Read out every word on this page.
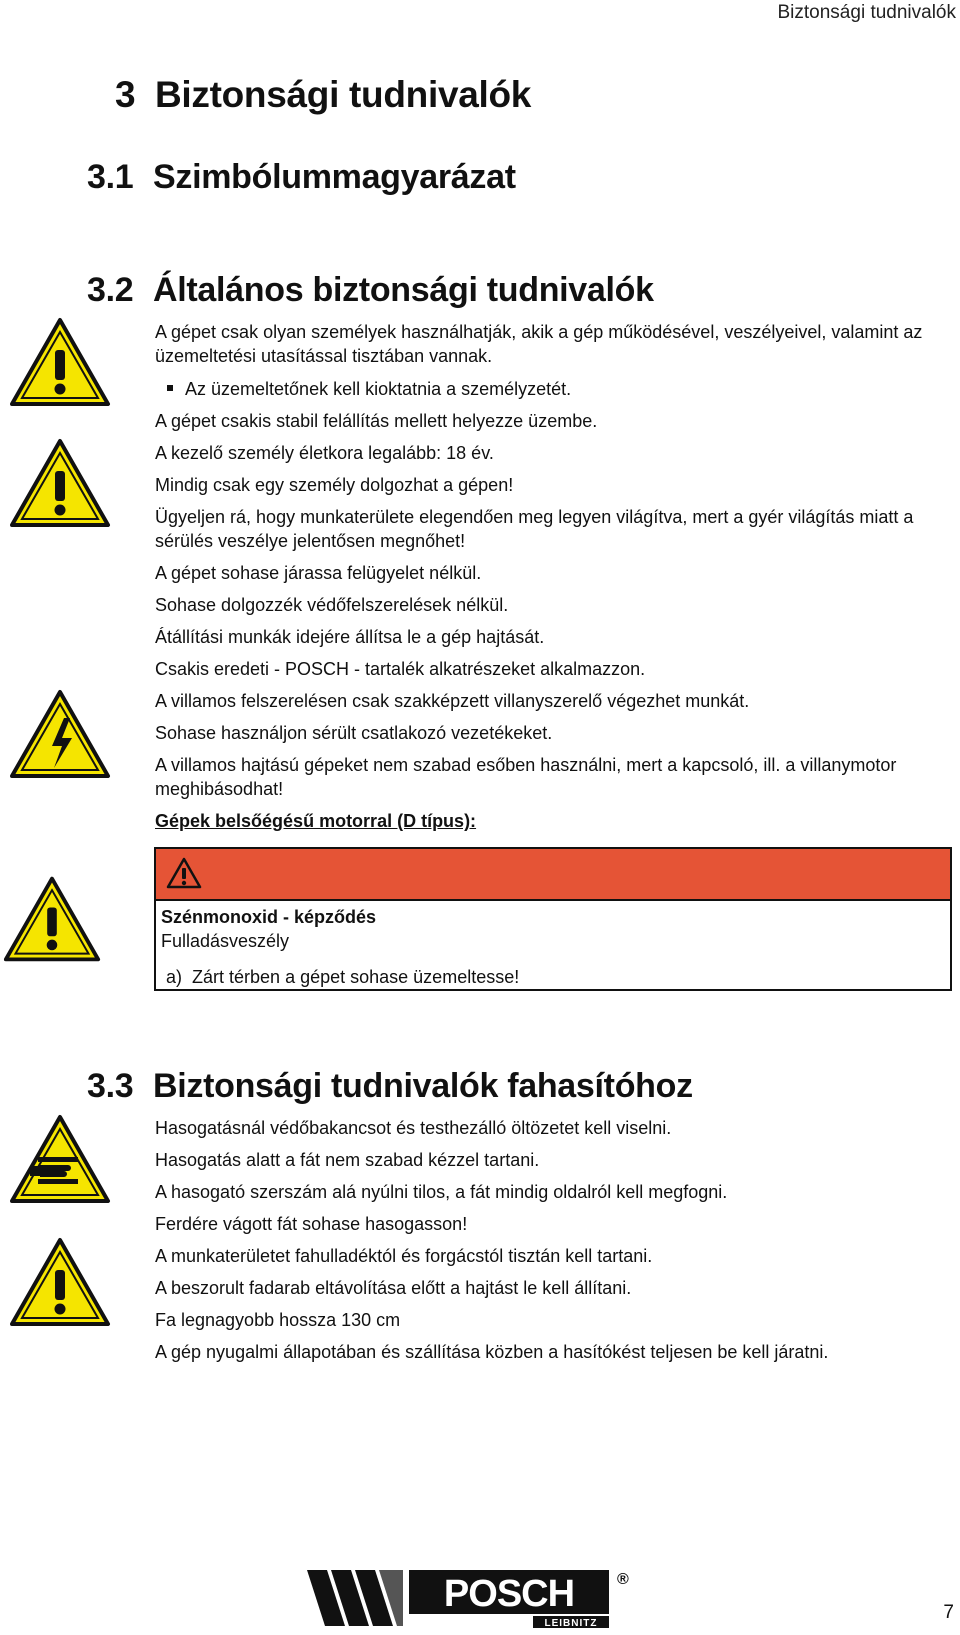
Biztonsági tudnivalók
3 Biztonsági tudnivalók
3.1 Szimbólummagyarázat
3.2 Általános biztonsági tudnivalók
A gépet csak olyan személyek használhatják, akik a gép működésével, veszélyeivel, valamint az üzemeltetési utasítással tisztában vannak.
Az üzemeltetőnek kell kioktatnia a személyzetét.
A gépet csakis stabil felállítás mellett helyezze üzembe.
A kezelő személy életkora legalább: 18 év.
Mindig csak egy személy dolgozhat a gépen!
Ügyeljen rá, hogy munkaterülete elegendően meg legyen világítva, mert a gyér világítás miatt a sérülés veszélye jelentősen megnőhet!
A gépet sohase járassa felügyelet nélkül.
Sohase dolgozzék védőfelszerelések nélkül.
Átállítási munkák idejére állítsa le a gép hajtását.
Csakis eredeti - POSCH - tartalék alkatrészeket alkalmazzon.
A villamos felszerelésen csak szakképzett villanyszerelő végezhet munkát.
Sohase használjon sérült csatlakozó vezetékeket.
A villamos hajtású gépeket nem szabad esőben használni, mert a kapcsoló, ill. a villanymotor meghibásodhat!
Gépek belsőégésű motorral (D típus):
Szénmonoxid - képződés
Fulladásveszély
a) Zárt térben a gépet sohase üzemeltesse!
3.3 Biztonsági tudnivalók fahasítóhoz
Hasogatásnál védőbakancsot és testhezálló öltözetet kell viselni.
Hasogatás alatt a fát nem szabad kézzel tartani.
A hasogató szerszám alá nyúlni tilos, a fát mindig oldalról kell megfogni.
Ferdére vágott fát sohase hasogasson!
A munkaterületet fahulladéktól és forgácstól tisztán kell tartani.
A beszorult fadarab eltávolítása előtt a hajtást le kell állítani.
Fa legnagyobb hossza 130 cm
A gép nyugalmi állapotában és szállítása közben a hasítókést teljesen be kell járatni.
POSCH
LEIBNITZ
®
7
